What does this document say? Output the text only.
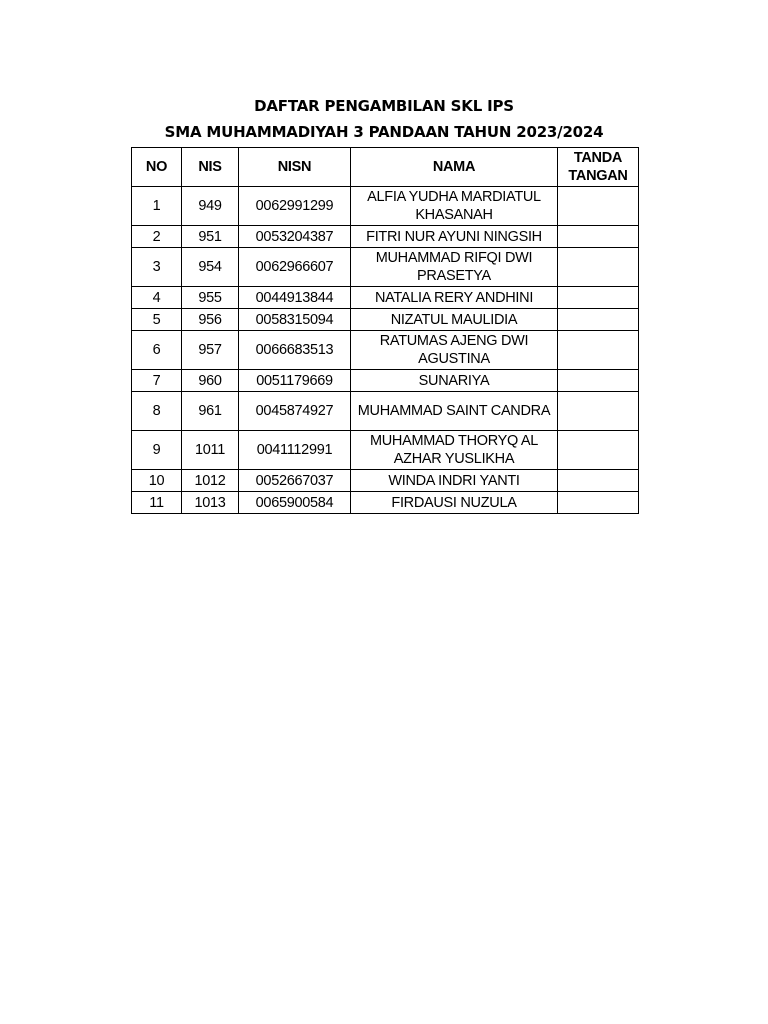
DAFTAR PENGAMBILAN SKL IPS
SMA MUHAMMADIYAH 3 PANDAAN TAHUN 2023/2024
NO	NIS	NISN	NAMA	TANDA TANGAN
1	949	0062991299	ALFIA YUDHA MARDIATUL KHASANAH	
2	951	0053204387	FITRI NUR AYUNI NINGSIH	
3	954	0062966607	MUHAMMAD RIFQI DWI PRASETYA	
4	955	0044913844	NATALIA RERY ANDHINI	
5	956	0058315094	NIZATUL MAULIDIA	
6	957	0066683513	RATUMAS AJENG DWI AGUSTINA	
7	960	0051179669	SUNARIYA	
8	961	0045874927	MUHAMMAD SAINT CANDRA	
9	1011	0041112991	MUHAMMAD THORYQ AL AZHAR YUSLIKHA	
10	1012	0052667037	WINDA INDRI YANTI	
11	1013	0065900584	FIRDAUSI NUZULA	
